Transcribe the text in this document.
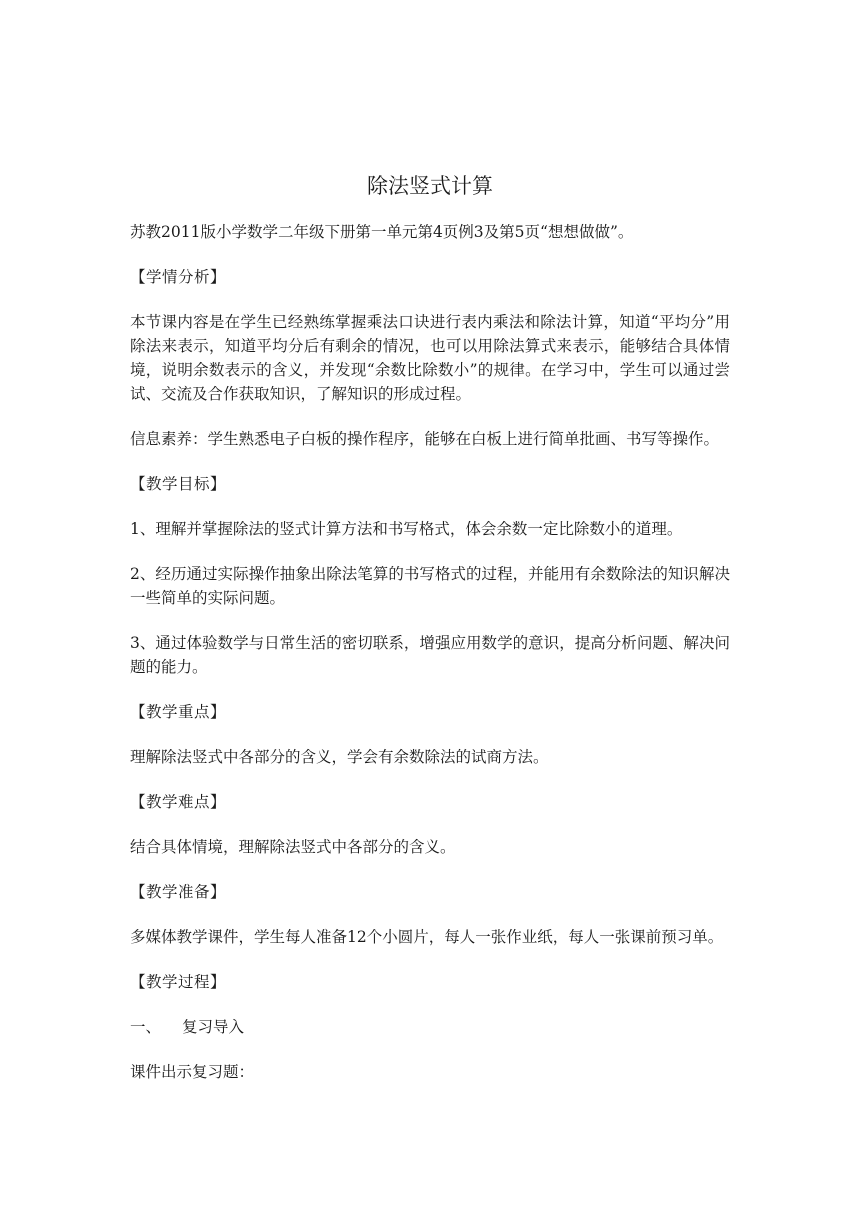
除法竖式计算

苏教2011版小学数学二年级下册第一单元第4页例3及第5页“想想做做”。

【学情分析】

本节课内容是在学生已经熟练掌握乘法口诀进行表内乘法和除法计算，知道“平均分”用除法来表示，知道平均分后有剩余的情况，也可以用除法算式来表示，能够结合具体情境，说明余数表示的含义，并发现“余数比除数小”的规律。在学习中，学生可以通过尝试、交流及合作获取知识，了解知识的形成过程。

信息素养：学生熟悉电子白板的操作程序，能够在白板上进行简单批画、书写等操作。

【教学目标】

1、理解并掌握除法的竖式计算方法和书写格式，体会余数一定比除数小的道理。

2、经历通过实际操作抽象出除法笔算的书写格式的过程，并能用有余数除法的知识解决一些简单的实际问题。

3、通过体验数学与日常生活的密切联系，增强应用数学的意识，提高分析问题、解决问题的能力。

【教学重点】

理解除法竖式中各部分的含义，学会有余数除法的试商方法。

【教学难点】

结合具体情境，理解除法竖式中各部分的含义。

【教学准备】

多媒体教学课件，学生每人准备12个小圆片，每人一张作业纸，每人一张课前预习单。

【教学过程】

一、 复习导入

课件出示复习题：
